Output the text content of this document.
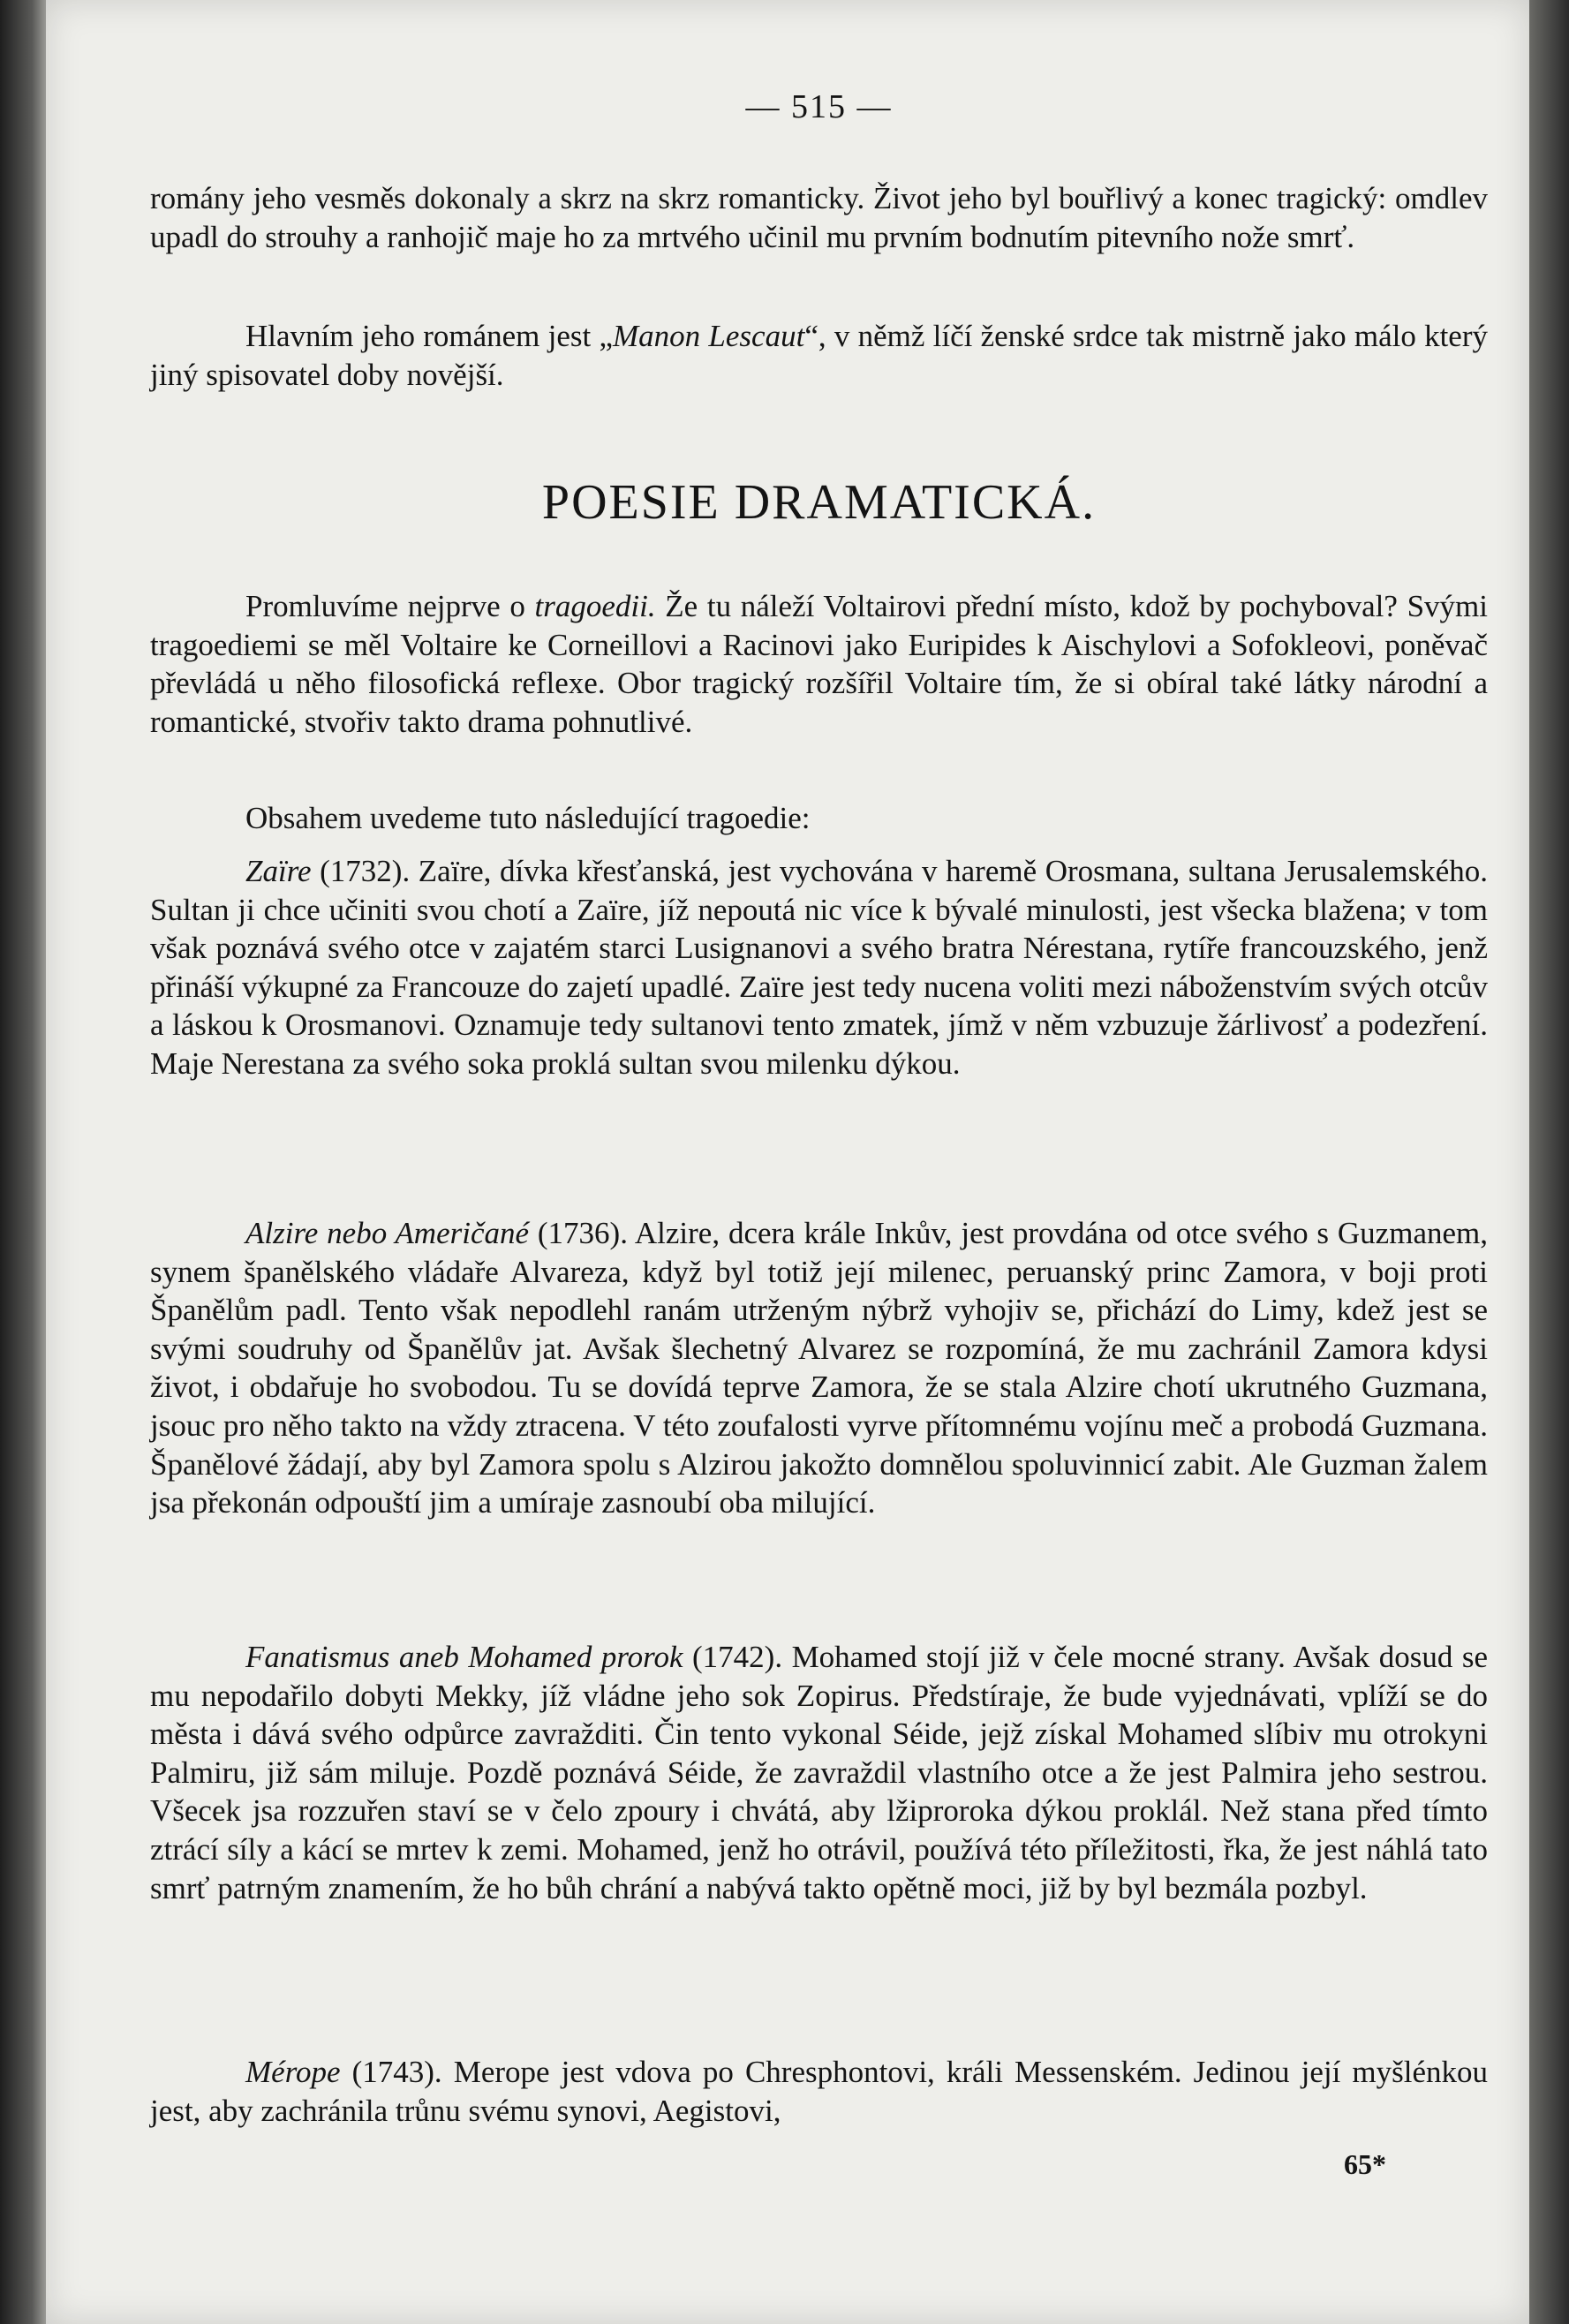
— 515 —

romány jeho vesměs dokonaly a skrz na skrz romanticky. Život jeho byl bouřlivý a konec tragický: omdlev upadl do strouhy a ranhojič maje ho za mrtvého učinil mu prvním bodnutím pitevního nože smrť.

Hlavním jeho románem jest „Manon Lescaut“, v němž líčí ženské srdce tak mistrně jako málo který jiný spisovatel doby novější.

POESIE DRAMATICKÁ.

Promluvíme nejprve o tragoedii. Že tu náleží Voltairovi přední místo, kdož by pochyboval? Svými tragoediemi se měl Voltaire ke Corneillovi a Racinovi jako Euripides k Aischylovi a Sofokleovi, poněvač převládá u něho filosofická reflexe. Obor tragický rozšířil Voltaire tím, že si obíral také látky národní a romantické, stvořiv takto drama pohnutlivé.

Obsahem uvedeme tuto následující tragoedie:

Zaïre (1732). Zaïre, dívka křesťanská, jest vychována v haremě Orosmana, sultana Jerusalemského. Sultan ji chce učiniti svou chotí a Zaïre, jíž nepoutá nic více k bývalé minulosti, jest všecka blažena; v tom však poznává svého otce v zajatém starci Lusignanovi a svého bratra Nérestana, rytíře francouzského, jenž přináší výkupné za Francouze do zajetí upadlé. Zaïre jest tedy nucena voliti mezi náboženstvím svých otcův a láskou k Orosmanovi. Oznamuje tedy sultanovi tento zmatek, jímž v něm vzbuzuje žárlivosť a podezření. Maje Nerestana za svého soka proklá sultan svou milenku dýkou.

Alzire nebo Američané (1736). Alzire, dcera krále Inkův, jest provdána od otce svého s Guzmanem, synem španělského vládaře Alvareza, když byl totiž její milenec, peruanský princ Zamora, v boji proti Španělům padl. Tento však nepodlehl ranám utrženým nýbrž vyhojiv se, přichází do Limy, kdež jest se svými soudruhy od Španělův jat. Avšak šlechetný Alvarez se rozpomíná, že mu zachránil Zamora kdysi život, i obdařuje ho svobodou. Tu se dovídá teprve Zamora, že se stala Alzire chotí ukrutného Guzmana, jsouc pro něho takto na vždy ztracena. V této zoufalosti vyrve přítomnému vojínu meč a probodá Guzmana. Španělové žádají, aby byl Zamora spolu s Alzirou jakožto domnělou spoluvinnicí zabit. Ale Guzman žalem jsa překonán odpouští jim a umíraje zasnoubí oba milující.

Fanatismus aneb Mohamed prorok (1742). Mohamed stojí již v čele mocné strany. Avšak dosud se mu nepodařilo dobyti Mekky, jíž vládne jeho sok Zopirus. Předstíraje, že bude vyjednávati, vplíží se do města i dává svého odpůrce zavražditi. Čin tento vykonal Séide, jejž získal Mohamed slíbiv mu otrokyni Palmiru, již sám miluje. Pozdě poznává Séide, že zavraždil vlastního otce a že jest Palmira jeho sestrou. Všecek jsa rozzuřen staví se v čelo zpoury i chvátá, aby lžiproroka dýkou proklál. Než stana před tímto ztrácí síly a kácí se mrtev k zemi. Mohamed, jenž ho otrávil, používá této příležitosti, řka, že jest náhlá tato smrť patrným znamením, že ho bůh chrání a nabývá takto opětně moci, již by byl bezmála pozbyl.

Mérope (1743). Merope jest vdova po Chresphontovi, králi Messenském. Jedinou její myšlénkou jest, aby zachránila trůnu svému synovi, Aegistovi,

65*
